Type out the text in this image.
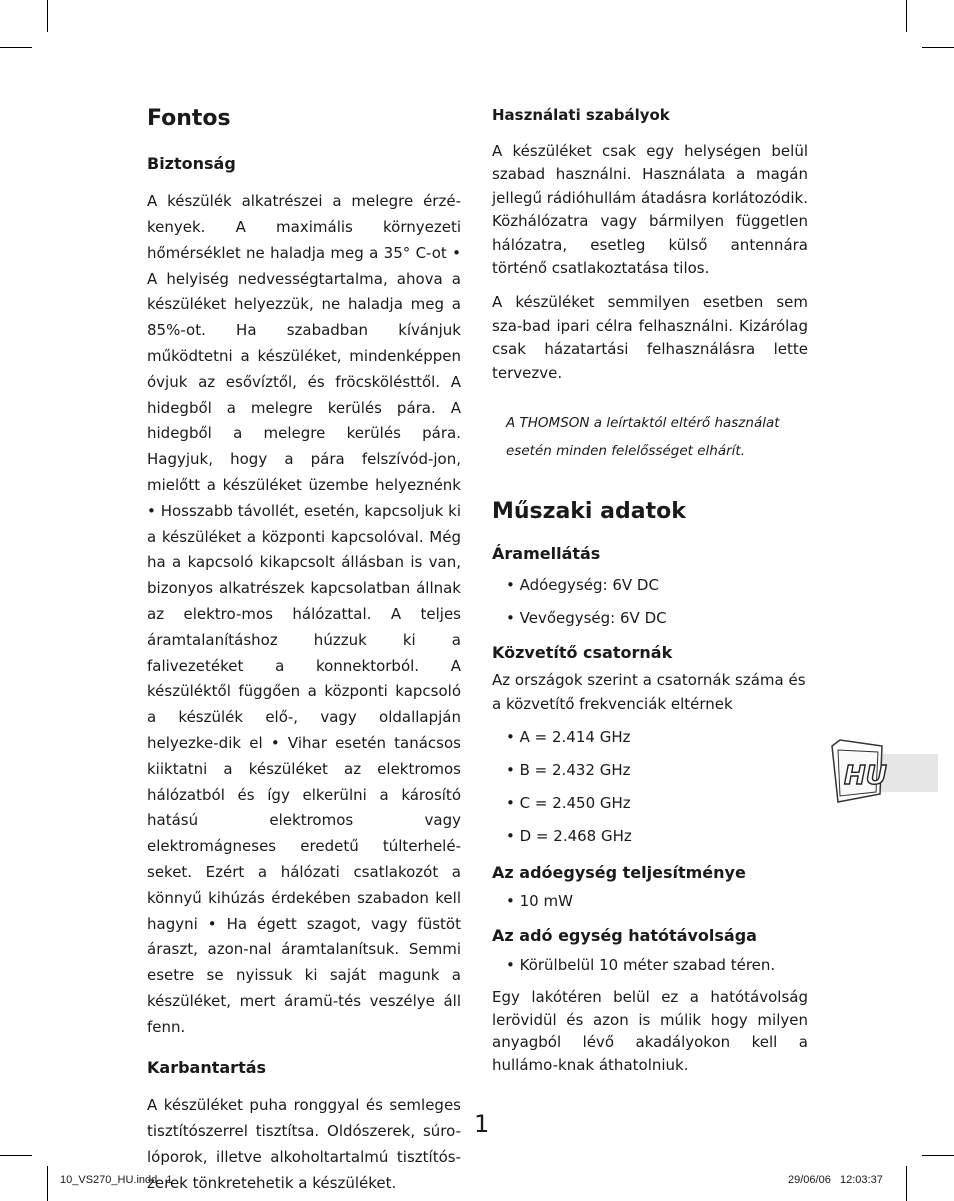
Fontos
Biztonság

A készülék alkatrészei a melegre érzé-kenyek. A maximális környezeti hőmérséklet ne haladja meg a 35° C-ot • A helyiség nedvességtartalma, ahova a készüléket helyezzük, ne haladja meg a 85%-ot. Ha szabadban kívánjuk működtetni a készüléket, mindenképpen óvjuk az esővíztől, és fröcskölésttől. A hidegből a melegre kerülés pára. A hidegből a melegre kerülés pára. Hagyjuk, hogy a pára felszívód-jon, mielőtt a készüléket üzembe helyeznénk • Hosszabb távollét, esetén, kapcsoljuk ki a készüléket a központi kapcsolóval. Még ha a kapcsoló kikapcsolt állásban is van, bizonyos alkatrészek kapcsolatban állnak az elektro-mos hálózattal. A teljes áramtalanításhoz húzzuk ki a falivezetéket a konnektorból. A készüléktől függően a központi kapcsoló a készülék elő-, vagy oldallapján helyezke-dik el • Vihar esetén tanácsos kiiktatni a készüléket az elektromos hálózatból és így elkerülni a károsító hatású elektromos vagy elektromágneses eredetű túlterhelé-seket. Ezért a hálózati csatlakozót a könnyű kihúzás érdekében szabadon kell hagyni • Ha égett szagot, vagy füstöt áraszt, azon-nal áramtalanítsuk. Semmi esetre se nyissuk ki saját magunk a készüléket, mert áramü-tés veszélye áll fenn.

Karbantartás

A készüléket puha ronggyal és semleges tisztítószerrel tisztítsa. Oldószerek, súro-lóporok, illetve alkoholtartalmú tisztítós-zerek tönkretehetik a készüléket.

Használati szabályok

A készüléket csak egy helységen belül szabad használni. Használata a magán jellegű rádióhullám átadásra korlátozódik. Közhálózatra vagy bármilyen független hálózatra, esetleg külső antennára történő csatlakoztatása tilos.

A készüléket semmilyen esetben sem sza-bad ipari célra felhasználni. Kizárólag csak házatartási felhasználásra lette tervezve.

A THOMSON a leírtaktól eltérő használat
esetén minden felelősséget elhárít.
Műszaki adatok
Áramellátás
• Adóegység: 6V DC
• Vevőegység: 6V DC
Közvetítő csatornák

Az országok szerint a csatornák száma és a közvetítő frekvenciák eltérnek

• A = 2.414 GHz
• B = 2.432 GHz
• C = 2.450 GHz
• D = 2.468 GHz
Az adóegység teljesítménye
• 10 mW
Az adó egység hatótávolsága
• Körülbelül 10 méter szabad téren.

Egy lakótéren belül ez a hatótávolság lerövidül és azon is múlik hogy milyen anyagból lévő akadályokon kell a hullámo-knak áthatolniuk.

HU
1
10_VS270_HU.indd   1	29/06/06   12:03:37
